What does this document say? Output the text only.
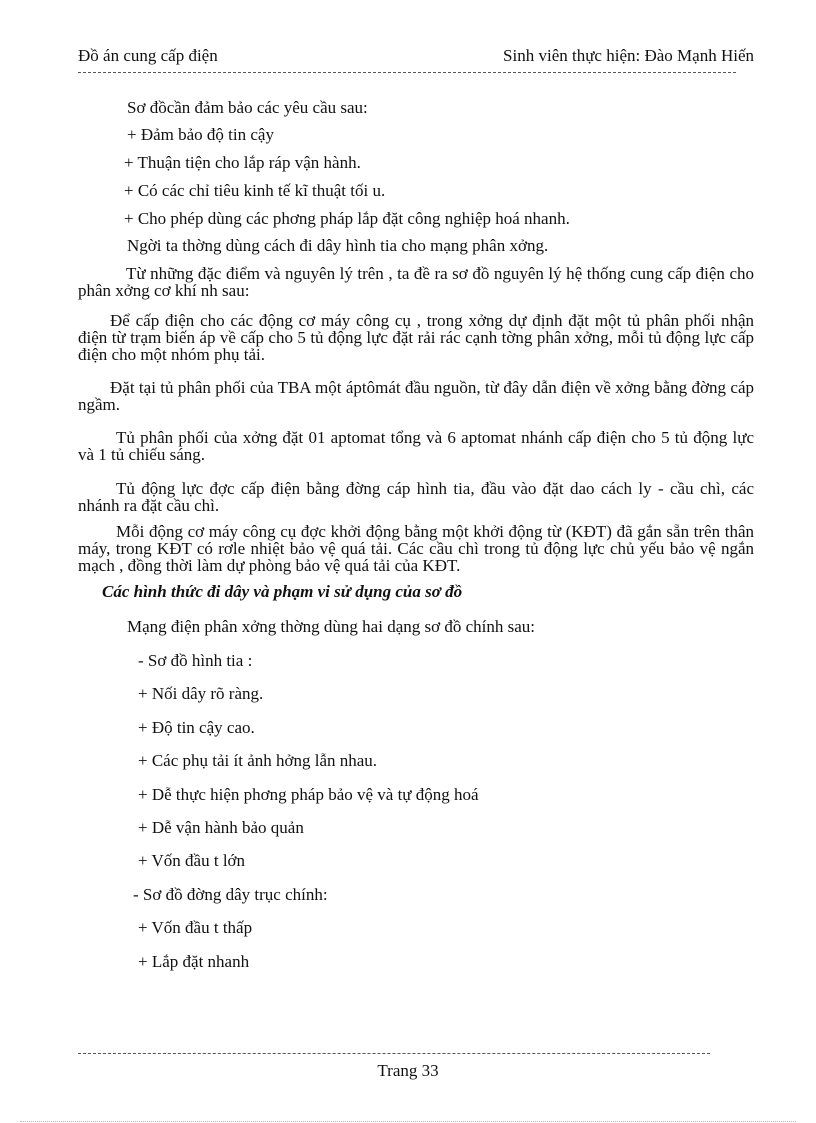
Đồ án cung cấp điện	Sinh viên thực hiện: Đào Mạnh Hiến
Sơ đồcần đảm bảo các yêu cầu sau:
+ Đảm bảo độ tin cậy
+ Thuận tiện cho lắp ráp vận hành.
+ Có các chỉ tiêu kinh tế kĩ thuật tối u.
+ Cho phép dùng các phơng pháp lắp đặt công nghiệp hoá nhanh.
Ngời ta thờng dùng cách đi dây hình tia cho mạng phân xởng.
Từ những đặc điểm và nguyên lý trên , ta đề ra sơ đồ nguyên lý hệ thống cung cấp điện cho phân xởng cơ khí nh sau:
Để cấp điện cho các động cơ máy công cụ , trong xởng dự định đặt một tủ phân phối nhận điện từ trạm biến áp về cấp cho 5 tủ động lực đặt rải rác cạnh tờng phân xởng, mỗi tủ động lực cấp điện cho một nhóm phụ tải.
Đặt tại tủ phân phối của TBA một áptômát đầu nguồn, từ đây dẫn điện về xởng bằng đờng cáp ngầm.
Tủ phân phối của xởng đặt 01 aptomat tổng và 6 aptomat nhánh cấp điện cho 5 tủ động lực và 1 tủ chiếu sáng.
Tủ động lực đợc cấp điện bằng đờng cáp hình tia, đầu vào đặt dao cách ly - cầu chì, các nhánh ra đặt cầu chì.
Mỗi động cơ máy công cụ đợc khởi động bằng một khởi động từ (KĐT) đã gắn sẵn trên thân máy, trong KĐT có rơle nhiệt bảo vệ quá tải. Các cầu chì trong tủ động lực chủ yếu bảo vệ ngắn mạch , đồng thời làm dự phòng bảo vệ quá tải của KĐT.
Các hình thức đi dây và phạm vi sử dụng của sơ đồ
Mạng điện phân xởng thờng dùng hai dạng sơ đồ chính sau:
- Sơ đồ hình tia :
+ Nối dây rõ ràng.
+ Độ tin cậy cao.
+ Các phụ tải ít ảnh hởng lẫn nhau.
+ Dễ thực hiện phơng pháp bảo vệ và tự động hoá
+ Dễ vận hành bảo quản
+ Vốn đầu t lớn
- Sơ đồ đờng dây trục chính:
+ Vốn đầu t thấp
+ Lắp đặt nhanh
Trang 33
